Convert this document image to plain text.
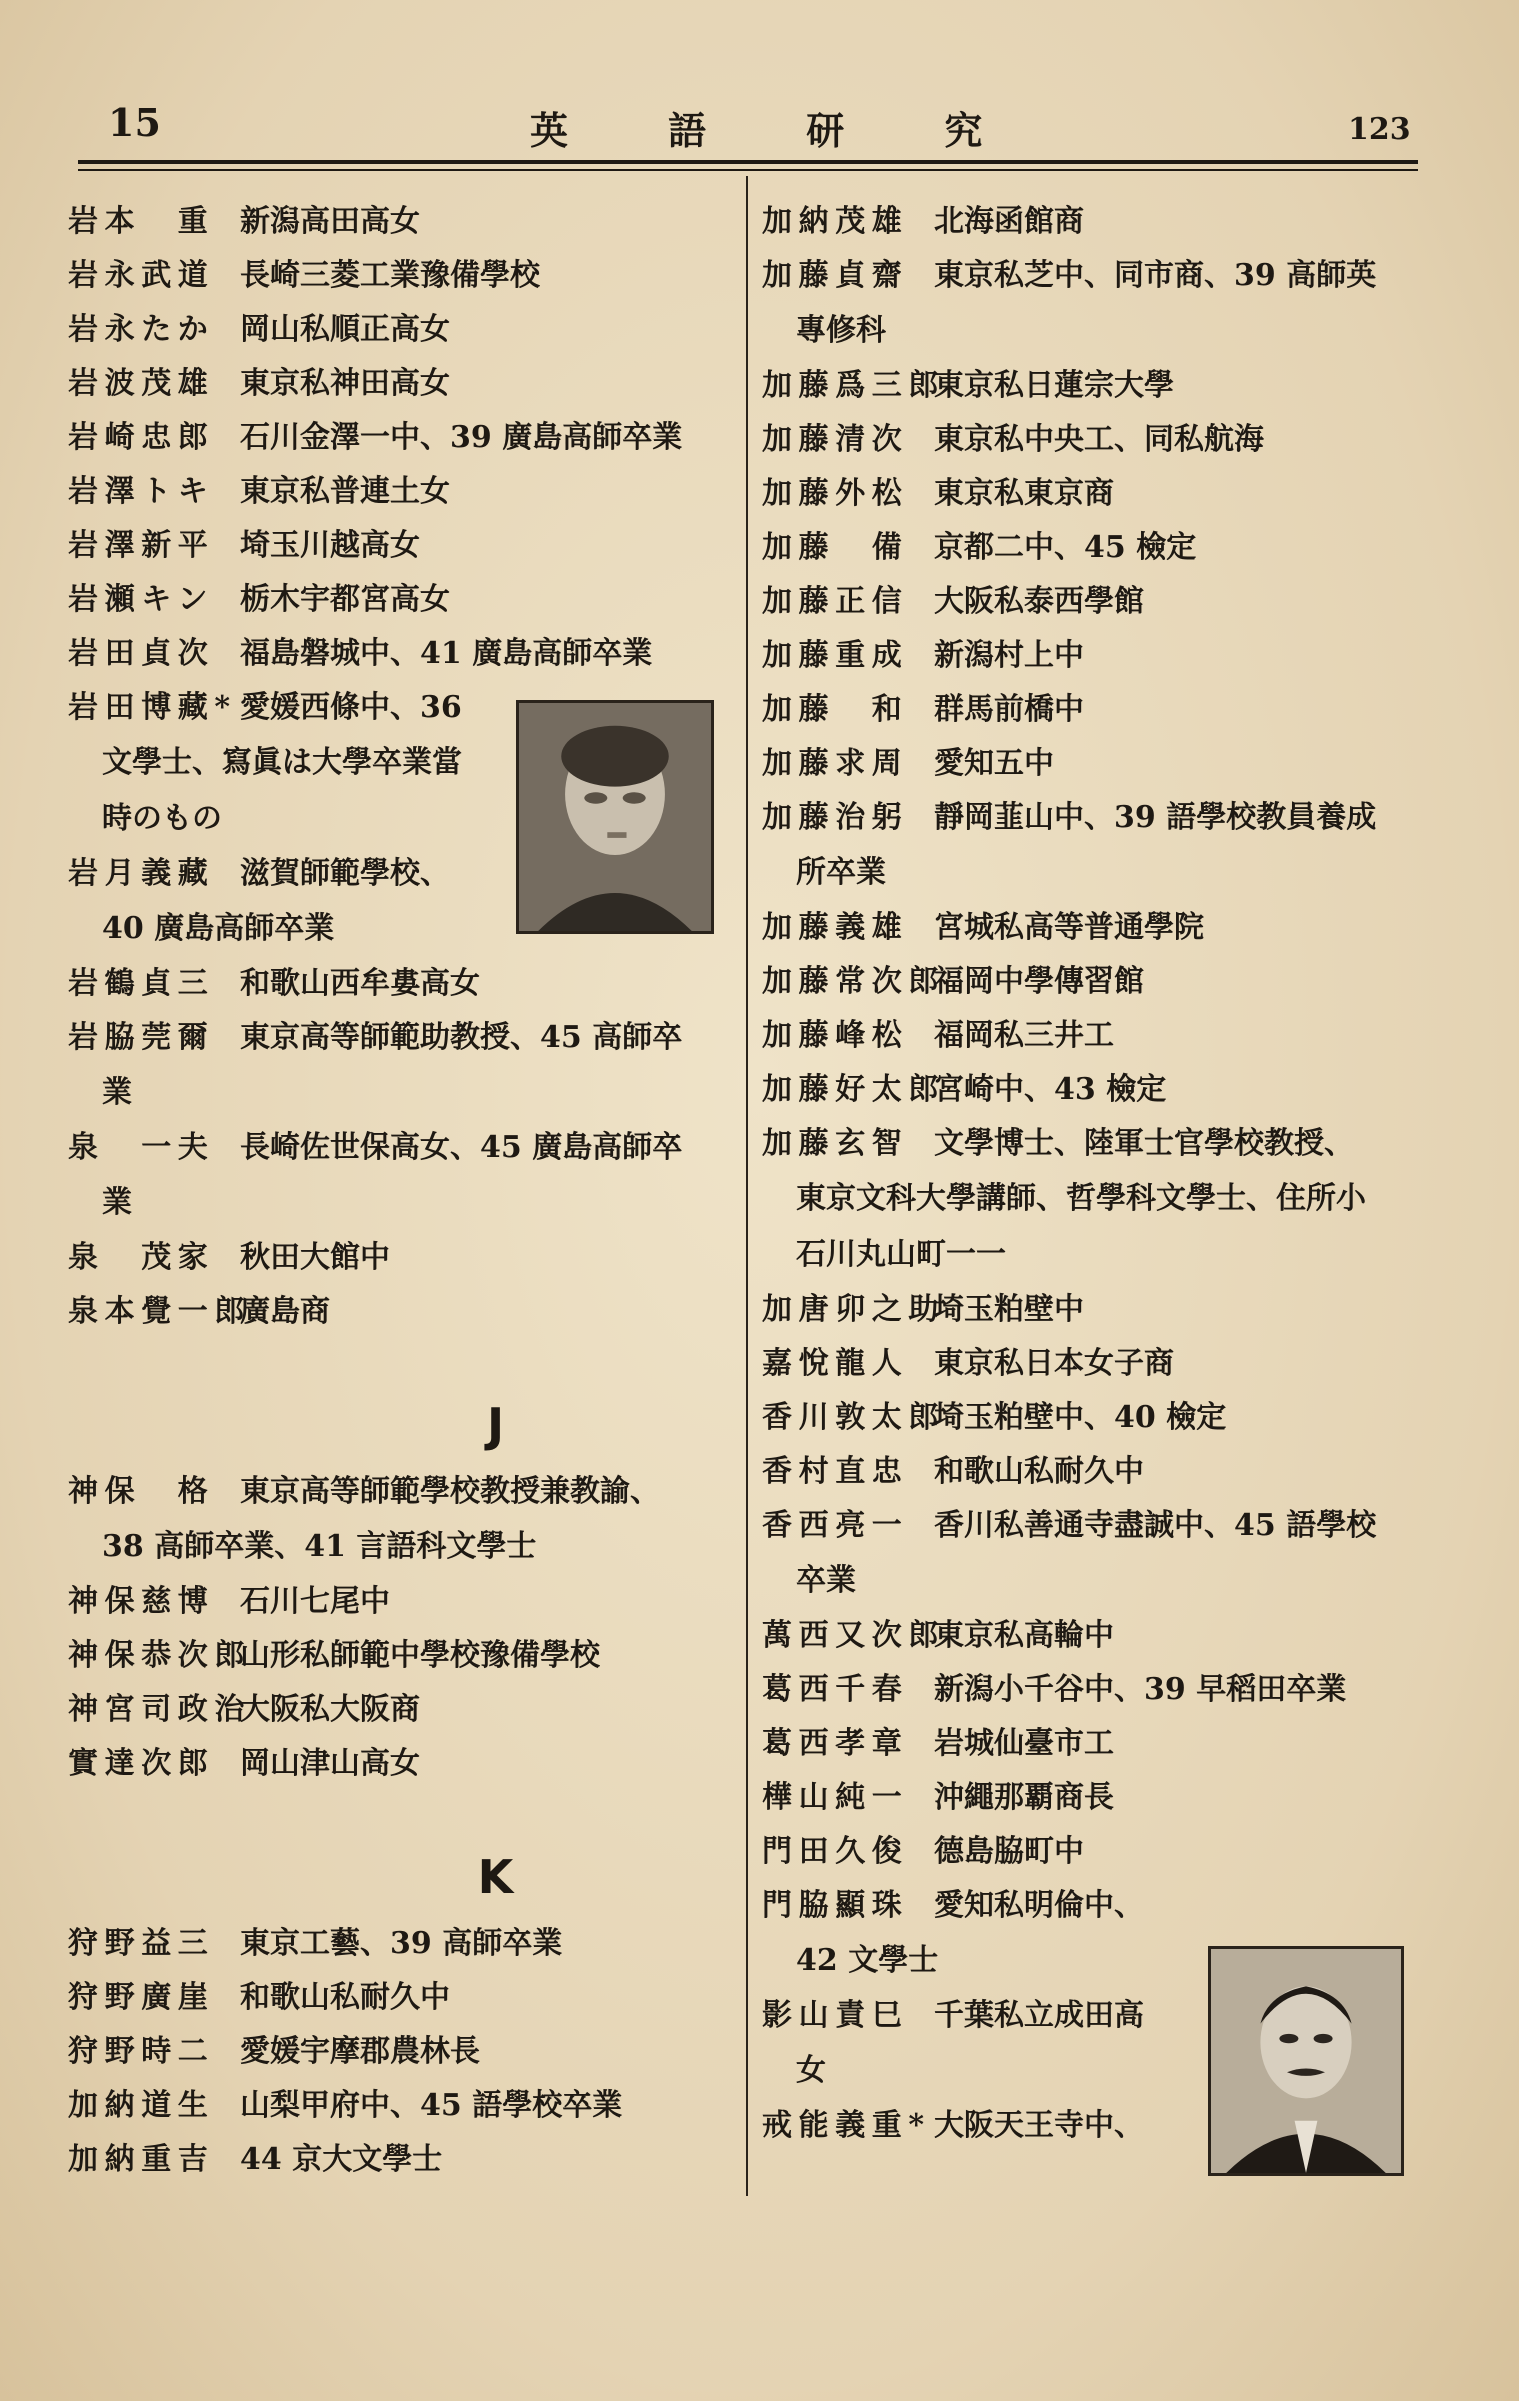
15	英 語 研 究	123
岩本　重 新潟高田高女
岩永武道 長崎三菱工業豫備學校
岩永たか 岡山私順正高女
岩波茂雄 東京私神田高女
岩崎忠郎 石川金澤一中、39 廣島高師卒業
岩澤トキ 東京私普連土女
岩澤新平 埼玉川越高女
岩瀬キン 栃木宇都宮高女
岩田貞次 福島磐城中、41 廣島高師卒業
岩田博藏* 愛媛西條中、36
文學士、寫眞は大學卒業當
時のもの
岩月義藏 滋賀師範學校、
40 廣島高師卒業
岩鶴貞三 和歌山西牟婁高女
岩脇莞爾 東京高等師範助教授、45 高師卒
業
泉　一夫 長崎佐世保高女、45 廣島高師卒
業
泉　茂家 秋田大館中
泉本覺一郎
廣島商
J
神保　格 東京高等師範學校教授兼教諭、
38 高師卒業、41 言語科文學士
神保慈博 石川七尾中
神保恭次郎
山形私師範中學校豫備學校
神宮司政治
大阪私大阪商
實達次郎 岡山津山高女
K
狩野益三 東京工藝、39 高師卒業
狩野廣崖 和歌山私耐久中
狩野時二 愛媛宇摩郡農林長
加納道生 山梨甲府中、45 語學校卒業
加納重吉 44 京大文學士
加納茂雄 北海函館商
加藤貞齋 東京私芝中、同市商、39 高師英
專修科
加藤爲三郎
東京私日蓮宗大學
加藤清次 東京私中央工、同私航海
加藤外松 東京私東京商
加藤　備 京都二中、45 檢定
加藤正信 大阪私泰西學館
加藤重成 新潟村上中
加藤　和 群馬前橋中
加藤求周 愛知五中
加藤治躬 靜岡韮山中、39 語學校教員養成
所卒業
加藤義雄 宮城私高等普通學院
加藤常次郎
福岡中學傳習館
加藤峰松 福岡私三井工
加藤好太郎
宮崎中、43 檢定
加藤玄智 文學博士、陸軍士官學校教授、
東京文科大學講師、哲學科文學士、住所小
石川丸山町一一
加唐卯之助
埼玉粕壁中
嘉悅龍人 東京私日本女子商
香川敦太郎
埼玉粕壁中、40 檢定
香村直忠 和歌山私耐久中
香西亮一 香川私善通寺盡誠中、45 語學校
卒業
萬西又次郎
東京私高輪中
葛西千春 新潟小千谷中、39 早稻田卒業
葛西孝章 岩城仙臺市工
樺山純一 沖繩那覇商長
門田久俊 德島脇町中
門脇顯珠 愛知私明倫中、
42 文學士
影山責巳 千葉私立成田高
女
戒能義重* 大阪天王寺中、
